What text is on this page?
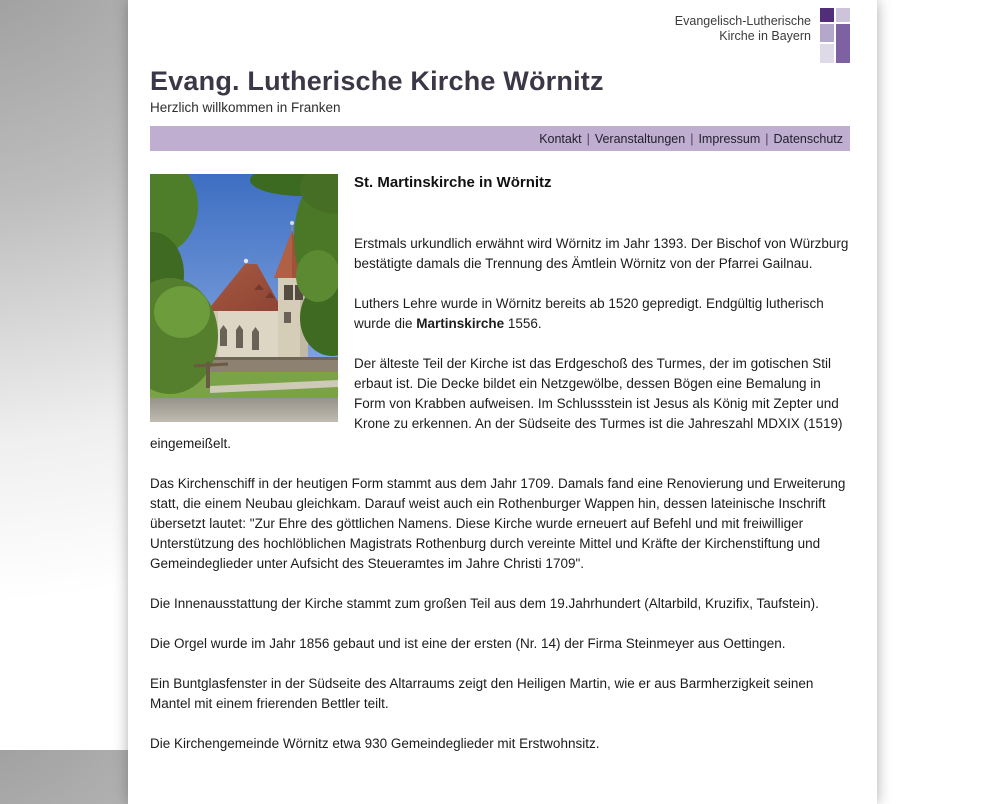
Evangelisch-Lutherische
Kirche in Bayern
Evang. Lutherische Kirche Wörnitz

Herzlich willkommen in Franken

Kontakt | Veranstaltungen | Impressum | Datenschutz
St. Martinskirche in Wörnitz

Erstmals urkundlich erwähnt wird Wörnitz im Jahr 1393. Der Bischof von Würzburg bestätigte damals die Trennung des Ämtlein Wörnitz von der Pfarrei Gailnau.

Luthers Lehre wurde in Wörnitz bereits ab 1520 gepredigt. Endgültig lutherisch wurde die Martinskirche 1556.

Der älteste Teil der Kirche ist das Erdgeschoß des Turmes, der im gotischen Stil erbaut ist. Die Decke bildet ein Netzgewölbe, dessen Bögen eine Bemalung in Form von Krabben aufweisen. Im Schlussstein ist Jesus als König mit Zepter und Krone zu erkennen. An der Südseite des Turmes ist die Jahreszahl MDXIX (1519) eingemeißelt.

Das Kirchenschiff in der heutigen Form stammt aus dem Jahr 1709. Damals fand eine Renovierung und Erweiterung statt, die einem Neubau gleichkam. Darauf weist auch ein Rothenburger Wappen hin, dessen lateinische Inschrift übersetzt lautet: "Zur Ehre des göttlichen Namens. Diese Kirche wurde erneuert auf Befehl und mit freiwilliger Unterstützung des hochlöblichen Magistrats Rothenburg durch vereinte Mittel und Kräfte der Kirchenstiftung und Gemeindeglieder unter Aufsicht des Steueramtes im Jahre Christi 1709".

Die Innenausstattung der Kirche stammt zum großen Teil aus dem 19.Jahrhundert (Altarbild, Kruzifix, Taufstein).

Die Orgel wurde im Jahr 1856 gebaut und ist eine der ersten (Nr. 14) der Firma Steinmeyer aus Oettingen.

Ein Buntglasfenster in der Südseite des Altarraums zeigt den Heiligen Martin, wie er aus Barmherzigkeit seinen Mantel mit einem frierenden Bettler teilt.

Die Kirchengemeinde Wörnitz etwa 930 Gemeindeglieder mit Erstwohnsitz.
